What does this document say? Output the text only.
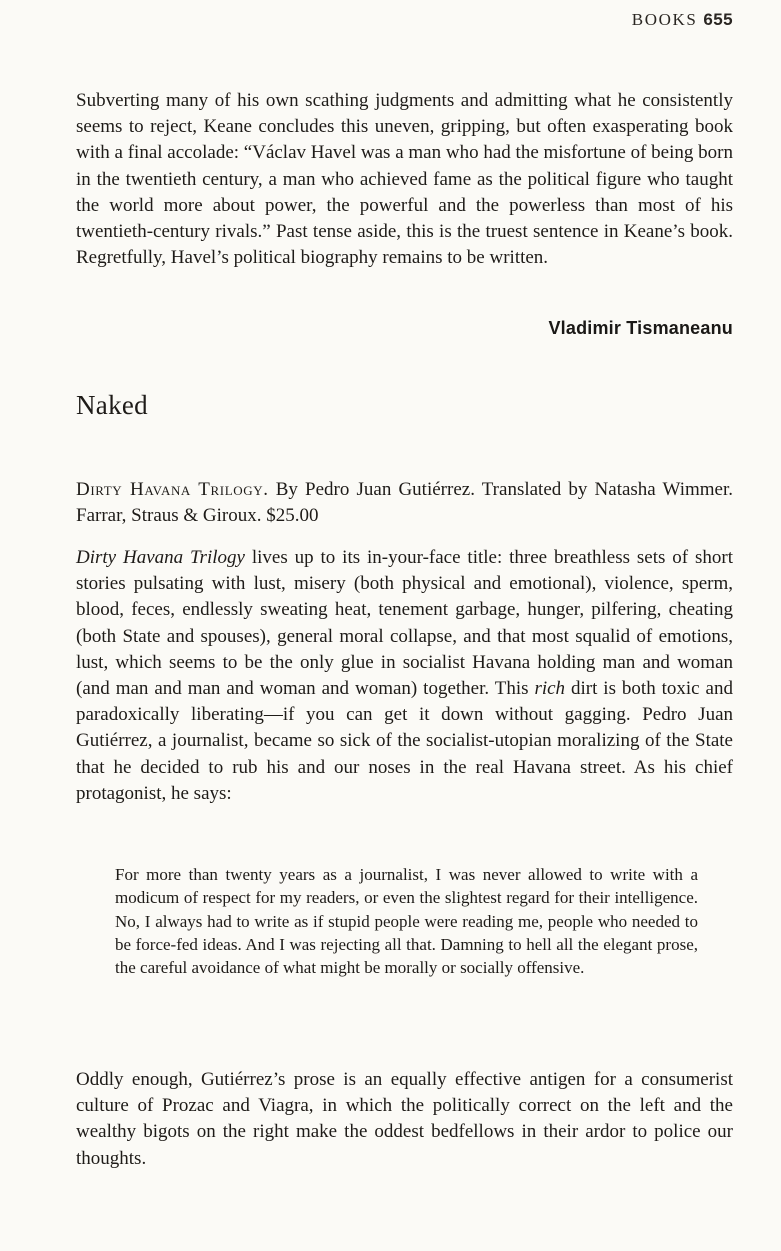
BOOKS 655

Subverting many of his own scathing judgments and admitting what he consistently seems to reject, Keane concludes this uneven, gripping, but often exasperating book with a final accolade: “Václav Havel was a man who had the misfortune of being born in the twentieth century, a man who achieved fame as the political figure who taught the world more about power, the powerful and the powerless than most of his twentieth-century rivals.” Past tense aside, this is the truest sentence in Keane’s book. Regretfully, Havel’s political biography remains to be written.

Vladimir Tismaneanu
Naked

Dirty Havana Trilogy. By Pedro Juan Gutiérrez. Translated by Natasha Wimmer. Farrar, Straus & Giroux. $25.00

Dirty Havana Trilogy lives up to its in-your-face title: three breathless sets of short stories pulsating with lust, misery (both physical and emotional), violence, sperm, blood, feces, endlessly sweating heat, tenement garbage, hunger, pilfering, cheating (both State and spouses), general moral collapse, and that most squalid of emotions, lust, which seems to be the only glue in socialist Havana holding man and woman (and man and man and woman and woman) together. This rich dirt is both toxic and paradoxically liberating—if you can get it down without gagging. Pedro Juan Gutiérrez, a journalist, became so sick of the socialist-utopian moralizing of the State that he decided to rub his and our noses in the real Havana street. As his chief protagonist, he says:

For more than twenty years as a journalist, I was never allowed to write with a modicum of respect for my readers, or even the slightest regard for their intelligence. No, I always had to write as if stupid people were reading me, people who needed to be force-fed ideas. And I was rejecting all that. Damning to hell all the elegant prose, the careful avoidance of what might be morally or socially offensive.

Oddly enough, Gutiérrez’s prose is an equally effective antigen for a consumerist culture of Prozac and Viagra, in which the politically correct on the left and the wealthy bigots on the right make the oddest bedfellows in their ardor to police our thoughts.
